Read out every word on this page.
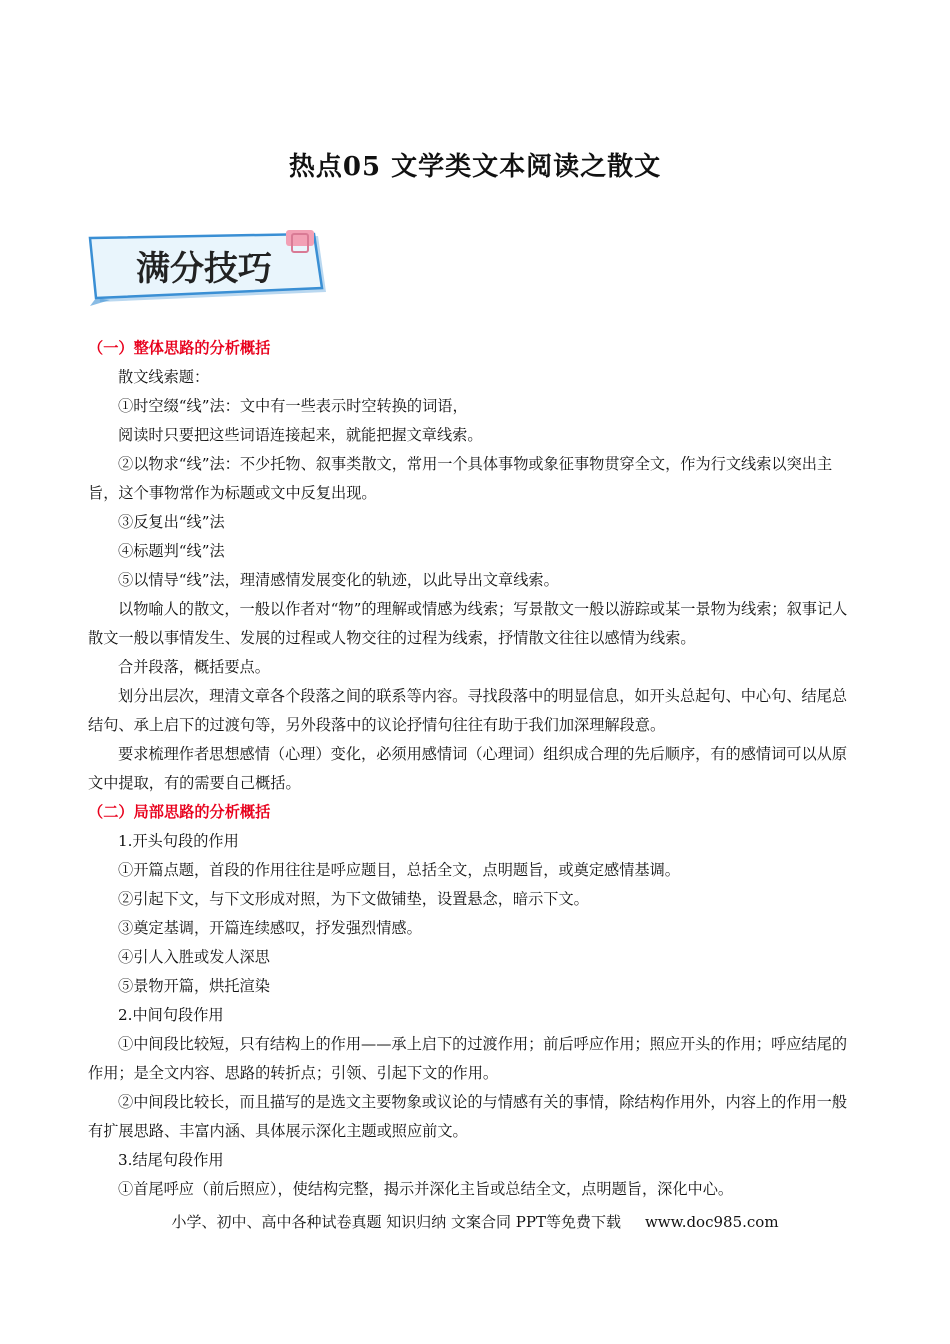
热点05 文学类文本阅读之散文
满分技巧

（一）整体思路的分析概括

散文线索题：

①时空缀“线”法：文中有一些表示时空转换的词语，

阅读时只要把这些词语连接起来，就能把握文章线索。

②以物求“线”法：不少托物、叙事类散文，常用一个具体事物或象征事物贯穿全文，作为行文线索以突出主旨，这个事物常作为标题或文中反复出现。

③反复出“线”法

④标题判“线”法

⑤以情导“线”法，理清感情发展变化的轨迹，以此导出文章线索。

以物喻人的散文，一般以作者对“物”的理解或情感为线索；写景散文一般以游踪或某一景物为线索；叙事记人散文一般以事情发生、发展的过程或人物交往的过程为线索，抒情散文往往以感情为线索。

合并段落，概括要点。

划分出层次，理清文章各个段落之间的联系等内容。寻找段落中的明显信息，如开头总起句、中心句、结尾总结句、承上启下的过渡句等，另外段落中的议论抒情句往往有助于我们加深理解段意。

要求梳理作者思想感情（心理）变化，必须用感情词（心理词）组织成合理的先后顺序，有的感情词可以从原文中提取，有的需要自己概括。

（二）局部思路的分析概括

1.开头句段的作用

①开篇点题，首段的作用往往是呼应题目，总括全文，点明题旨，或奠定感情基调。

②引起下文，与下文形成对照，为下文做铺垫，设置悬念，暗示下文。

③奠定基调，开篇连续感叹，抒发强烈情感。

④引人入胜或发人深思

⑤景物开篇，烘托渲染

2.中间句段作用

①中间段比较短，只有结构上的作用——承上启下的过渡作用；前后呼应作用；照应开头的作用；呼应结尾的作用；是全文内容、思路的转折点；引领、引起下文的作用。

②中间段比较长，而且描写的是选文主要物象或议论的与情感有关的事情，除结构作用外，内容上的作用一般有扩展思路、丰富内涵、具体展示深化主题或照应前文。

3.结尾句段作用

①首尾呼应（前后照应），使结构完整，揭示并深化主旨或总结全文，点明题旨，深化中心。

小学、初中、高中各种试卷真题 知识归纳 文案合同 PPT等免费下载 www.doc985.com
